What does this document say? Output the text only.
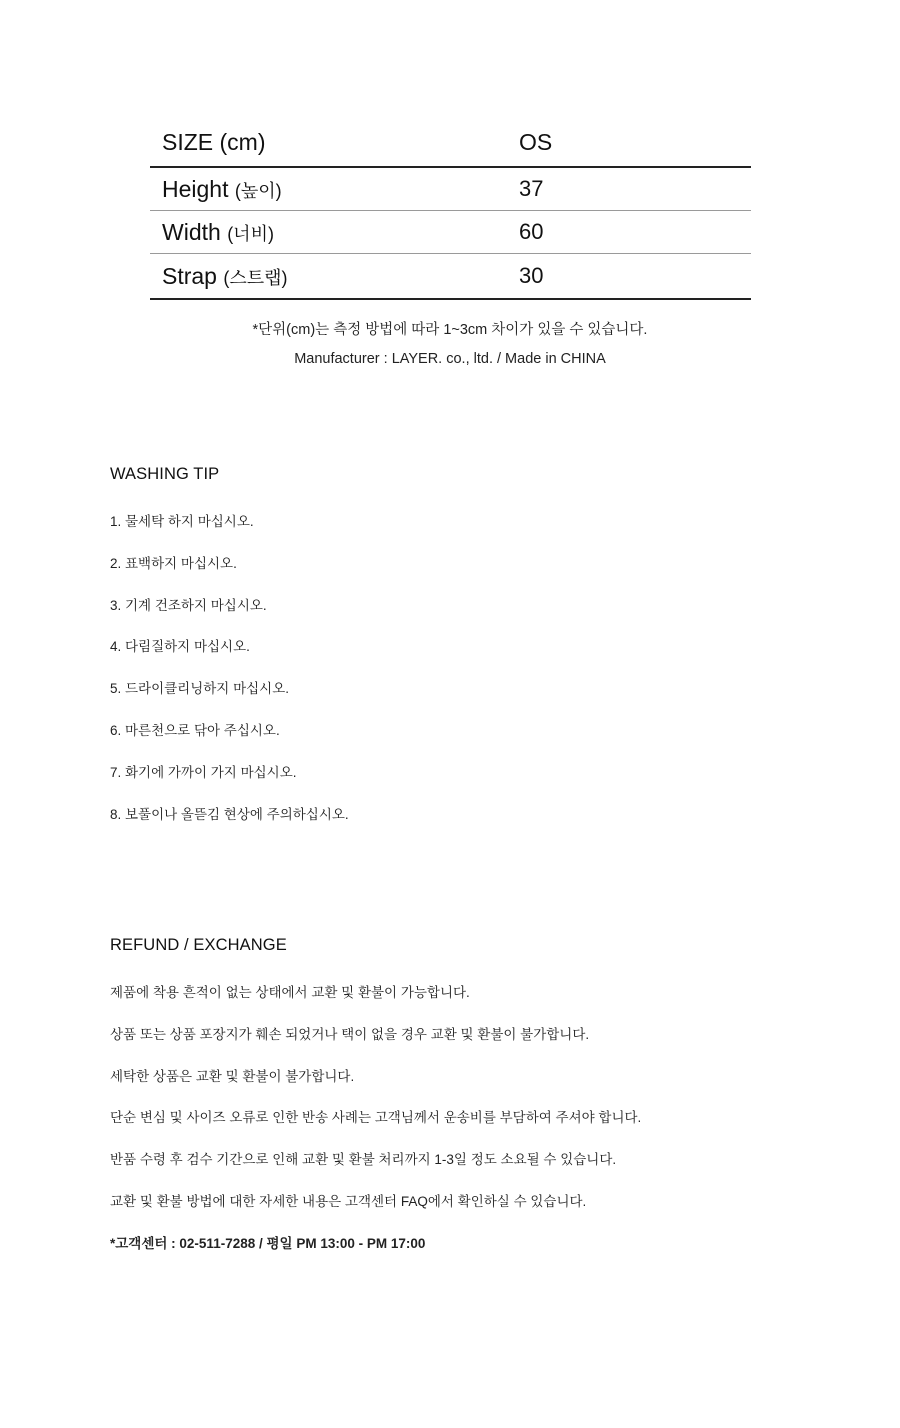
SIZE (cm)	OS
Height (높이)	37
Width (너비)	60
Strap (스트랩)	30
*단위(cm)는 측정 방법에 따라 1~3cm 차이가 있을 수 있습니다.
Manufacturer : LAYER. co., ltd. / Made in CHINA
WASHING TIP
1. 물세탁 하지 마십시오.
2. 표백하지 마십시오.
3. 기계 건조하지 마십시오.
4. 다림질하지 마십시오.
5. 드라이클리닝하지 마십시오.
6. 마른천으로 닦아 주십시오.
7. 화기에 가까이 가지 마십시오.
8. 보풀이나 올뜯김 현상에 주의하십시오.
REFUND / EXCHANGE
제품에 착용 흔적이 없는 상태에서 교환 및 환불이 가능합니다.
상품 또는 상품 포장지가 훼손 되었거나 택이 없을 경우 교환 및 환불이 불가합니다.
세탁한 상품은 교환 및 환불이 불가합니다.
단순 변심 및 사이즈 오류로 인한 반송 사례는 고객님께서 운송비를 부담하여 주셔야 합니다.
반품 수령 후 검수 기간으로 인해 교환 및 환불 처리까지 1-3일 정도 소요될 수 있습니다.
교환 및 환불 방법에 대한 자세한 내용은 고객센터 FAQ에서 확인하실 수 있습니다.
*고객센터 : 02-511-7288 / 평일 PM 13:00 - PM 17:00
